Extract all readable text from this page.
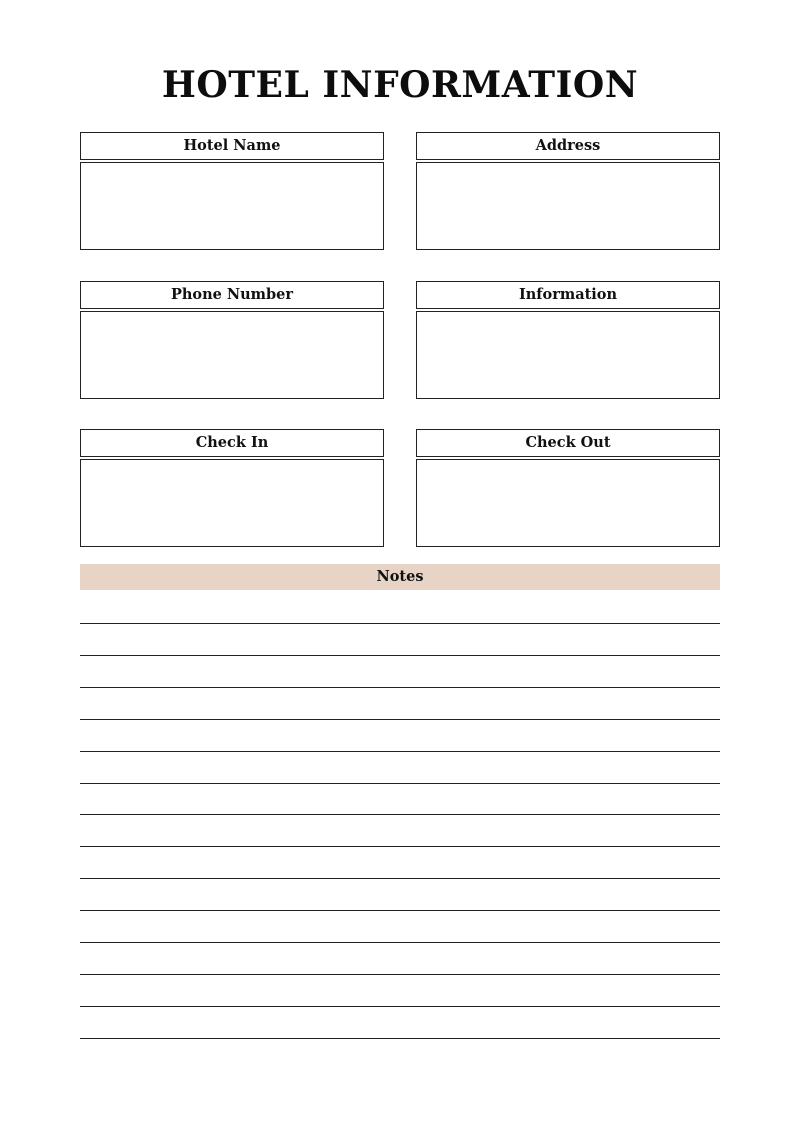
HOTEL INFORMATION
Hotel Name	Address
Phone Number	Information
Check In	Check Out
Notes
